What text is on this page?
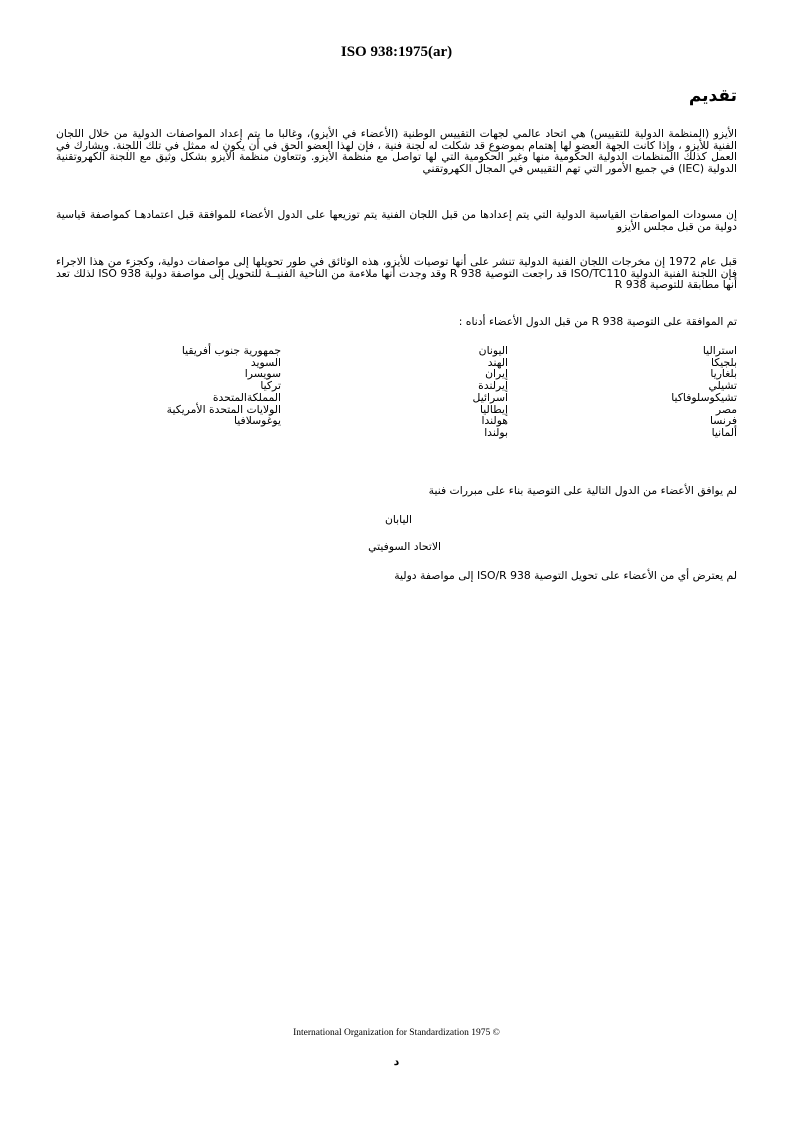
ISO 938:1975(ar)
تقديم

الأيزو (المنظمة الدولية للتقييس) هي اتحاد عالمي لجهات التقييس الوطنية (الأعضاء في الأيزو)، وغالبا ما يتم إعداد المواصفات الدولية من خلال اللجان الفنية للأيزو ، وإذا كانت الجهة العضو لها إهتمام بموضوع قد شكلت له لجنة فنية ، فإن لهذا العضو الحق في أن يكون له ممثل في تلك اللجنة. ويشارك في العمل كذلك االمنظمات الدولية الحكومية منها وغير الحكومية التي لها تواصل مع منظمة الأيزو. وتتعاون منظمة الأيزو بشكل وثيق مع اللجنة الكهروتقنية الدولية (IEC) في جميع الأمور التي تهم التقييس في المجال الكهروتقني

إن مسودات المواصفات القياسية الدولية التي يتم إعدادها من قبل اللجان الفنية يتم توزيعها على الدول الأعضاء للموافقة قبل اعتمادهـا كمواصفة قياسية دولية من قبل مجلس الأيزو

قبل عام 1972 إن مخرجات اللجان الفنية الدولية تنشر على أنها توصيات للأيزو، هذه الوثائق في طور تحويلها إلى مواصفات دولية، وكجزء من هذا الاجراء فإن اللجنة الفنية الدولية ISO/TC110 قد راجعت التوصية R 938 وقد وجدت أنها ملاءمة من الناحية الفنيــة للتحويل إلى مواصفة دولية ISO 938 لذلك تعد أنها مطابقة للتوصية R 938

تم الموافقة على التوصية R 938 من قبل الدول الأعضاء أدناه :
استراليا
بلجيكا
بلغاريا
تشيلي
تشيكوسلوفاكيا
مصر
فرنسا
ألمانيا
اليونان
الهند
إيران
إيرلندة
اسرائيل
إيطاليا
هولندا
بولندا
جمهورية جنوب أفريقيا
السويد
سويسرا
تركيا
المملكةالمتحدة
الولايات المتحدة الأمريكية
يوغوسلافيا
لم يوافق الأعضاء من الدول التالية على التوصية بناء على مبررات فنية
اليابان
الاتحاد السوفيتي
لم يعترض أي من الأعضاء على تحويل التوصية ISO/R 938 إلى مواصفة دولية
International Organization for Standardization 1975 ©
د
